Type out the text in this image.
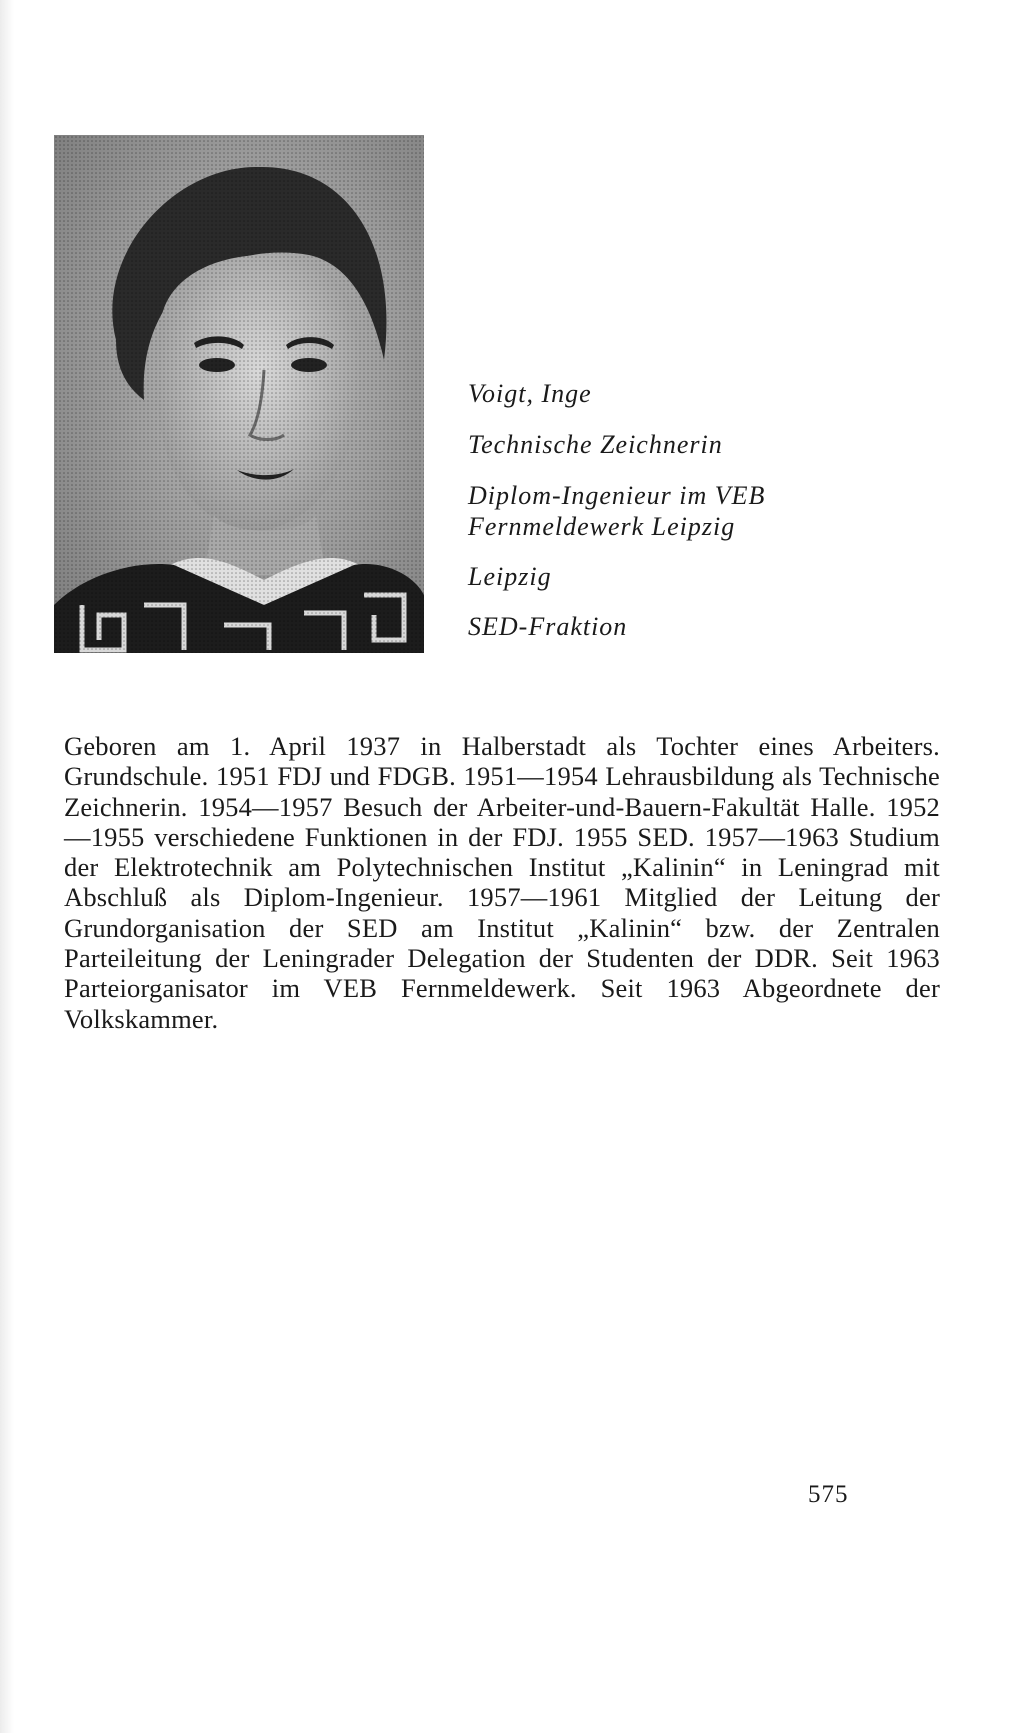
Voigt, Inge
Technische Zeichnerin
Diplom-Ingenieur im VEB
Fernmeldewerk Leipzig
Leipzig
SED-Fraktion

Geboren am 1. April 1937 in Halberstadt als Tochter eines Arbeiters. Grundschule. 1951 FDJ und FDGB. 1951—1954 Lehrausbildung als Technische Zeichnerin. 1954—1957 Besuch der Arbeiter-und-Bauern-Fakultät Halle. 1952—1955 verschiedene Funktionen in der FDJ. 1955 SED. 1957—1963 Studium der Elektrotechnik am Polytechnischen Institut „Kalinin“ in Leningrad mit Abschluß als Diplom-Ingenieur. 1957—1961 Mitglied der Leitung der Grundorganisation der SED am Institut „Kalinin“ bzw. der Zentralen Parteileitung der Leningrader Delegation der Studenten der DDR. Seit 1963 Parteiorganisator im VEB Fernmeldewerk. Seit 1963 Abgeordnete der Volkskammer.

575
